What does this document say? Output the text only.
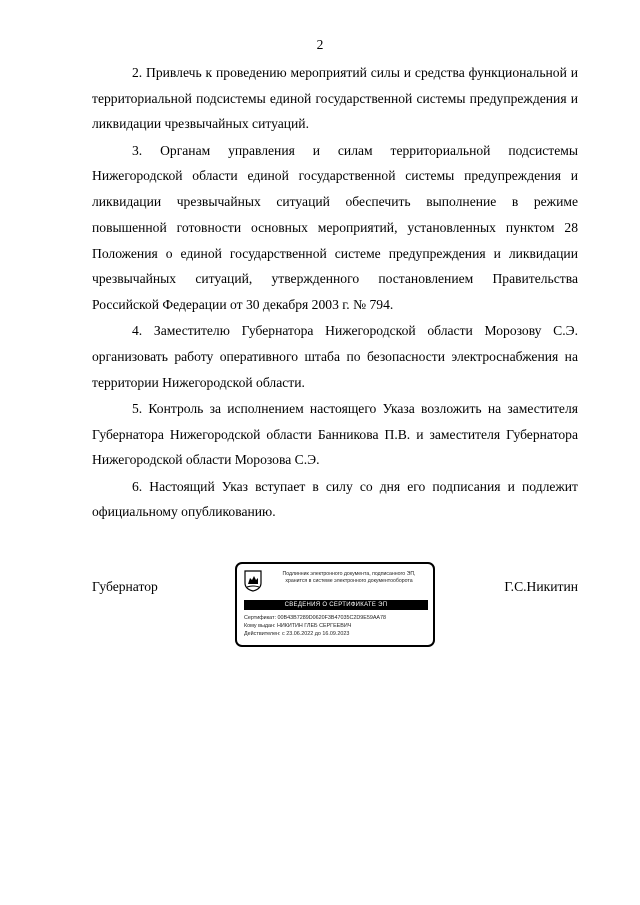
2

2. Привлечь к проведению мероприятий силы и средства функциональной и территориальной подсистемы единой государственной системы предупреждения и ликвидации чрезвычайных ситуаций.

3. Органам управления и силам территориальной подсистемы Нижегородской области единой государственной системы предупреждения и ликвидации чрезвычайных ситуаций обеспечить выполнение в режиме повышенной готовности основных мероприятий, установленных пунктом 28 Положения о единой государственной системе предупреждения и ликвидации чрезвычайных ситуаций, утвержденного постановлением Правительства Российской Федерации от 30 декабря 2003 г. № 794.

4. Заместителю Губернатора Нижегородской области Морозову С.Э. организовать работу оперативного штаба по безопасности электроснабжения на территории Нижегородской области.

5. Контроль за исполнением настоящего Указа возложить на заместителя Губернатора Нижегородской области Банникова П.В. и заместителя Губернатора Нижегородской области Морозова С.Э.

6. Настоящий Указ вступает в силу со дня его подписания и подлежит официальному опубликованию.

Губернатор	Г.С.Никитин
Подлинник электронного документа, подписанного ЭП,
хранится в системе электронного документооборота
СВЕДЕНИЯ О СЕРТИФИКАТЕ ЭП
Сертификат: 00B43B7289D0620F3B47035C2D9E59AA78
Кому выдан: НИКИТИН ГЛЕБ СЕРГЕЕВИЧ
Действителен: с 23.06.2022 до 16.09.2023
